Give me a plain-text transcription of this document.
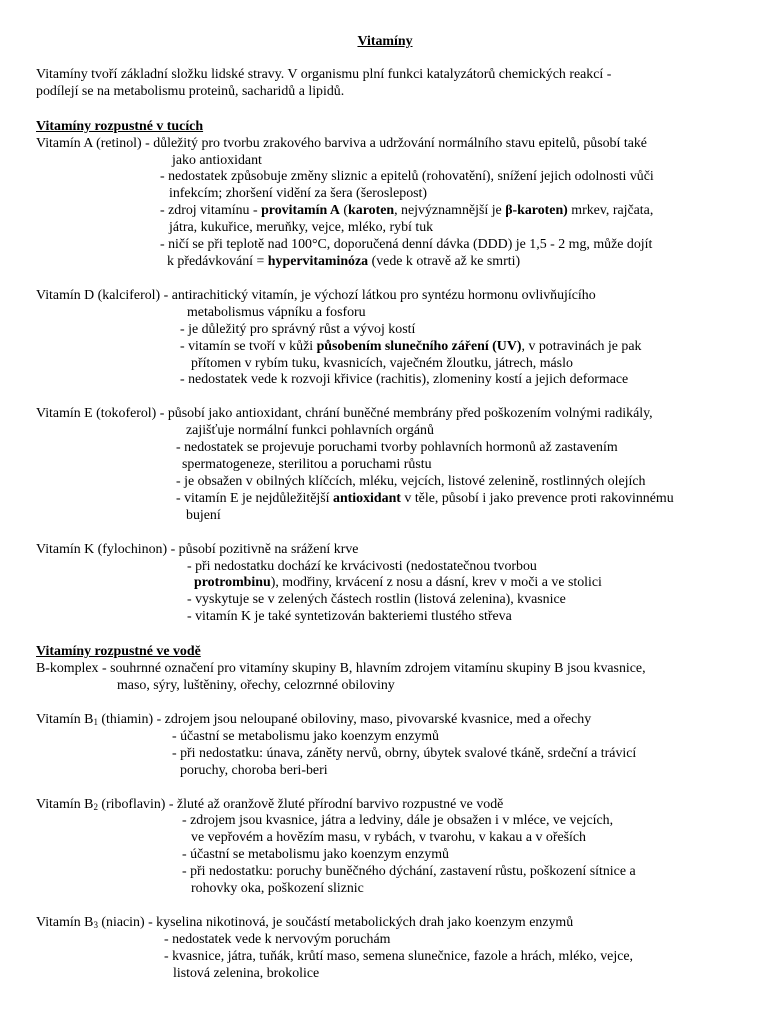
Vitamíny
Vitamíny tvoří základní složku lidské stravy. V organismu plní funkci katalyzátorů chemických reakcí -
podílejí se na metabolismu proteinů, sacharidů a lipidů.
Vitamíny rozpustné v tucích
Vitamín A (retinol) - důležitý pro tvorbu zrakového barviva a udržování normálního stavu epitelů, působí také
jako antioxidant
- nedostatek způsobuje změny sliznic a epitelů (rohovatění), snížení jejich odolnosti vůči
infekcím; zhoršení vidění za šera (šeroslepost)
- zdroj vitamínu - provitamín A (karoten, nejvýznamnější je β-karoten) mrkev, rajčata,
játra, kukuřice, meruňky, vejce, mléko, rybí tuk
- ničí se při teplotě nad 100°C, doporučená denní dávka (DDD) je 1,5 - 2 mg, může dojít
k předávkování = hypervitaminóza (vede k otravě až ke smrti)
Vitamín D (kalciferol) - antirachitický vitamín, je výchozí látkou pro syntézu hormonu ovlivňujícího
metabolismus vápníku a fosforu
- je důležitý pro správný růst a vývoj kostí
- vitamín se tvoří v kůži působením slunečního záření (UV), v potravinách je pak
přítomen v rybím tuku, kvasnicích, vaječném žloutku, játrech, máslo
- nedostatek vede k rozvoji křivice (rachitis), zlomeniny kostí a jejich deformace
Vitamín E (tokoferol) - působí jako antioxidant, chrání buněčné membrány před poškozením volnými radikály,
zajišťuje normální funkci pohlavních orgánů
- nedostatek se projevuje poruchami tvorby pohlavních hormonů až zastavením
spermatogeneze, sterilitou a poruchami růstu
- je obsažen v obilných klíčcích, mléku, vejcích, listové zelenině, rostlinných olejích
- vitamín E je nejdůležitější antioxidant v těle, působí i jako prevence proti rakovinnému
bujení
Vitamín K (fylochinon) - působí pozitivně na srážení krve
- při nedostatku dochází ke krvácivosti (nedostatečnou tvorbou
protrombinu), modřiny, krvácení z nosu a dásní, krev v moči a ve stolici
- vyskytuje se v zelených částech rostlin (listová zelenina), kvasnice
- vitamín K je také syntetizován bakteriemi tlustého střeva
Vitamíny rozpustné ve vodě
B-komplex - souhrnné označení pro vitamíny skupiny B, hlavním zdrojem vitamínu skupiny B jsou kvasnice,
maso, sýry, luštěniny, ořechy, celozrnné obiloviny
Vitamín $B_1$ (thiamin) - zdrojem jsou neloupané obiloviny, maso, pivovarské kvasnice, med a ořechy
- účastní se metabolismu jako koenzym enzymů
- při nedostatku: únava, záněty nervů, obrny, úbytek svalové tkáně, srdeční a trávicí
poruchy, choroba beri-beri
Vitamín $B_2$ (riboflavin) - žluté až oranžově žluté přírodní barvivo rozpustné ve vodě
- zdrojem jsou kvasnice, játra a ledviny, dále je obsažen i v mléce, ve vejcích,
ve vepřovém a hovězím masu, v rybách, v tvarohu, v kakau a v ořeších
- účastní se metabolismu jako koenzym enzymů
- při nedostatku: poruchy buněčného dýchání, zastavení růstu, poškození sítnice a
rohovky oka, poškození sliznic
Vitamín $B_3$ (niacin) - kyselina nikotinová, je součástí metabolických drah jako koenzym enzymů
- nedostatek vede k nervovým poruchám
- kvasnice, játra, tuňák, krůtí maso, semena slunečnice, fazole a hrách, mléko, vejce,
listová zelenina, brokolice
